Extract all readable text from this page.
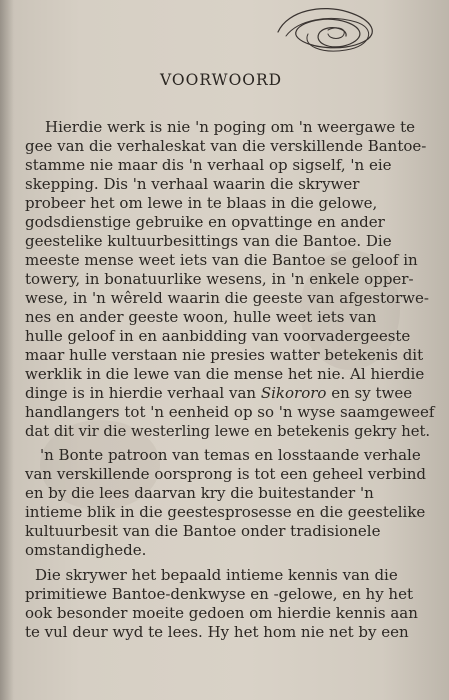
VOORWOORD
Hierdie werk is nie 'n poging om 'n weergawe te
gee van die verhaleskat van die verskillende Bantoe-
stamme nie maar dis 'n verhaal op sigself, 'n eie
skepping. Dis 'n verhaal waarin die skrywer
probeer het om lewe in te blaas in die gelowe,
godsdienstige gebruike en opvattinge en ander
geestelike kultuurbesittings van die Bantoe. Die
meeste mense weet iets van die Bantoe se geloof in
towery, in bonatuurlike wesens, in 'n enkele opper-
wese, in 'n wêreld waarin die geeste van afgestorwe-
nes en ander geeste woon, hulle weet iets van
hulle geloof in en aanbidding van voorvadergeeste
maar hulle verstaan nie presies watter betekenis dit
werklik in die lewe van die mense het nie. Al hierdie
dinge is in hierdie verhaal van Sikororo en sy twee
handlangers tot 'n eenheid op so 'n wyse saamgeweef
dat dit vir die westerling lewe en betekenis gekry het.
'n Bonte patroon van temas en losstaande verhale
van verskillende oorsprong is tot een geheel verbind
en by die lees daarvan kry die buitestander 'n
intieme blik in die geestesprosesse en die geestelike
kultuurbesit van die Bantoe onder tradisionele
omstandighede.
Die skrywer het bepaald intieme kennis van die
primitiewe Bantoe-denkwyse en -gelowe, en hy het
ook besonder moeite gedoen om hierdie kennis aan
te vul deur wyd te lees. Hy het hom nie net by een
